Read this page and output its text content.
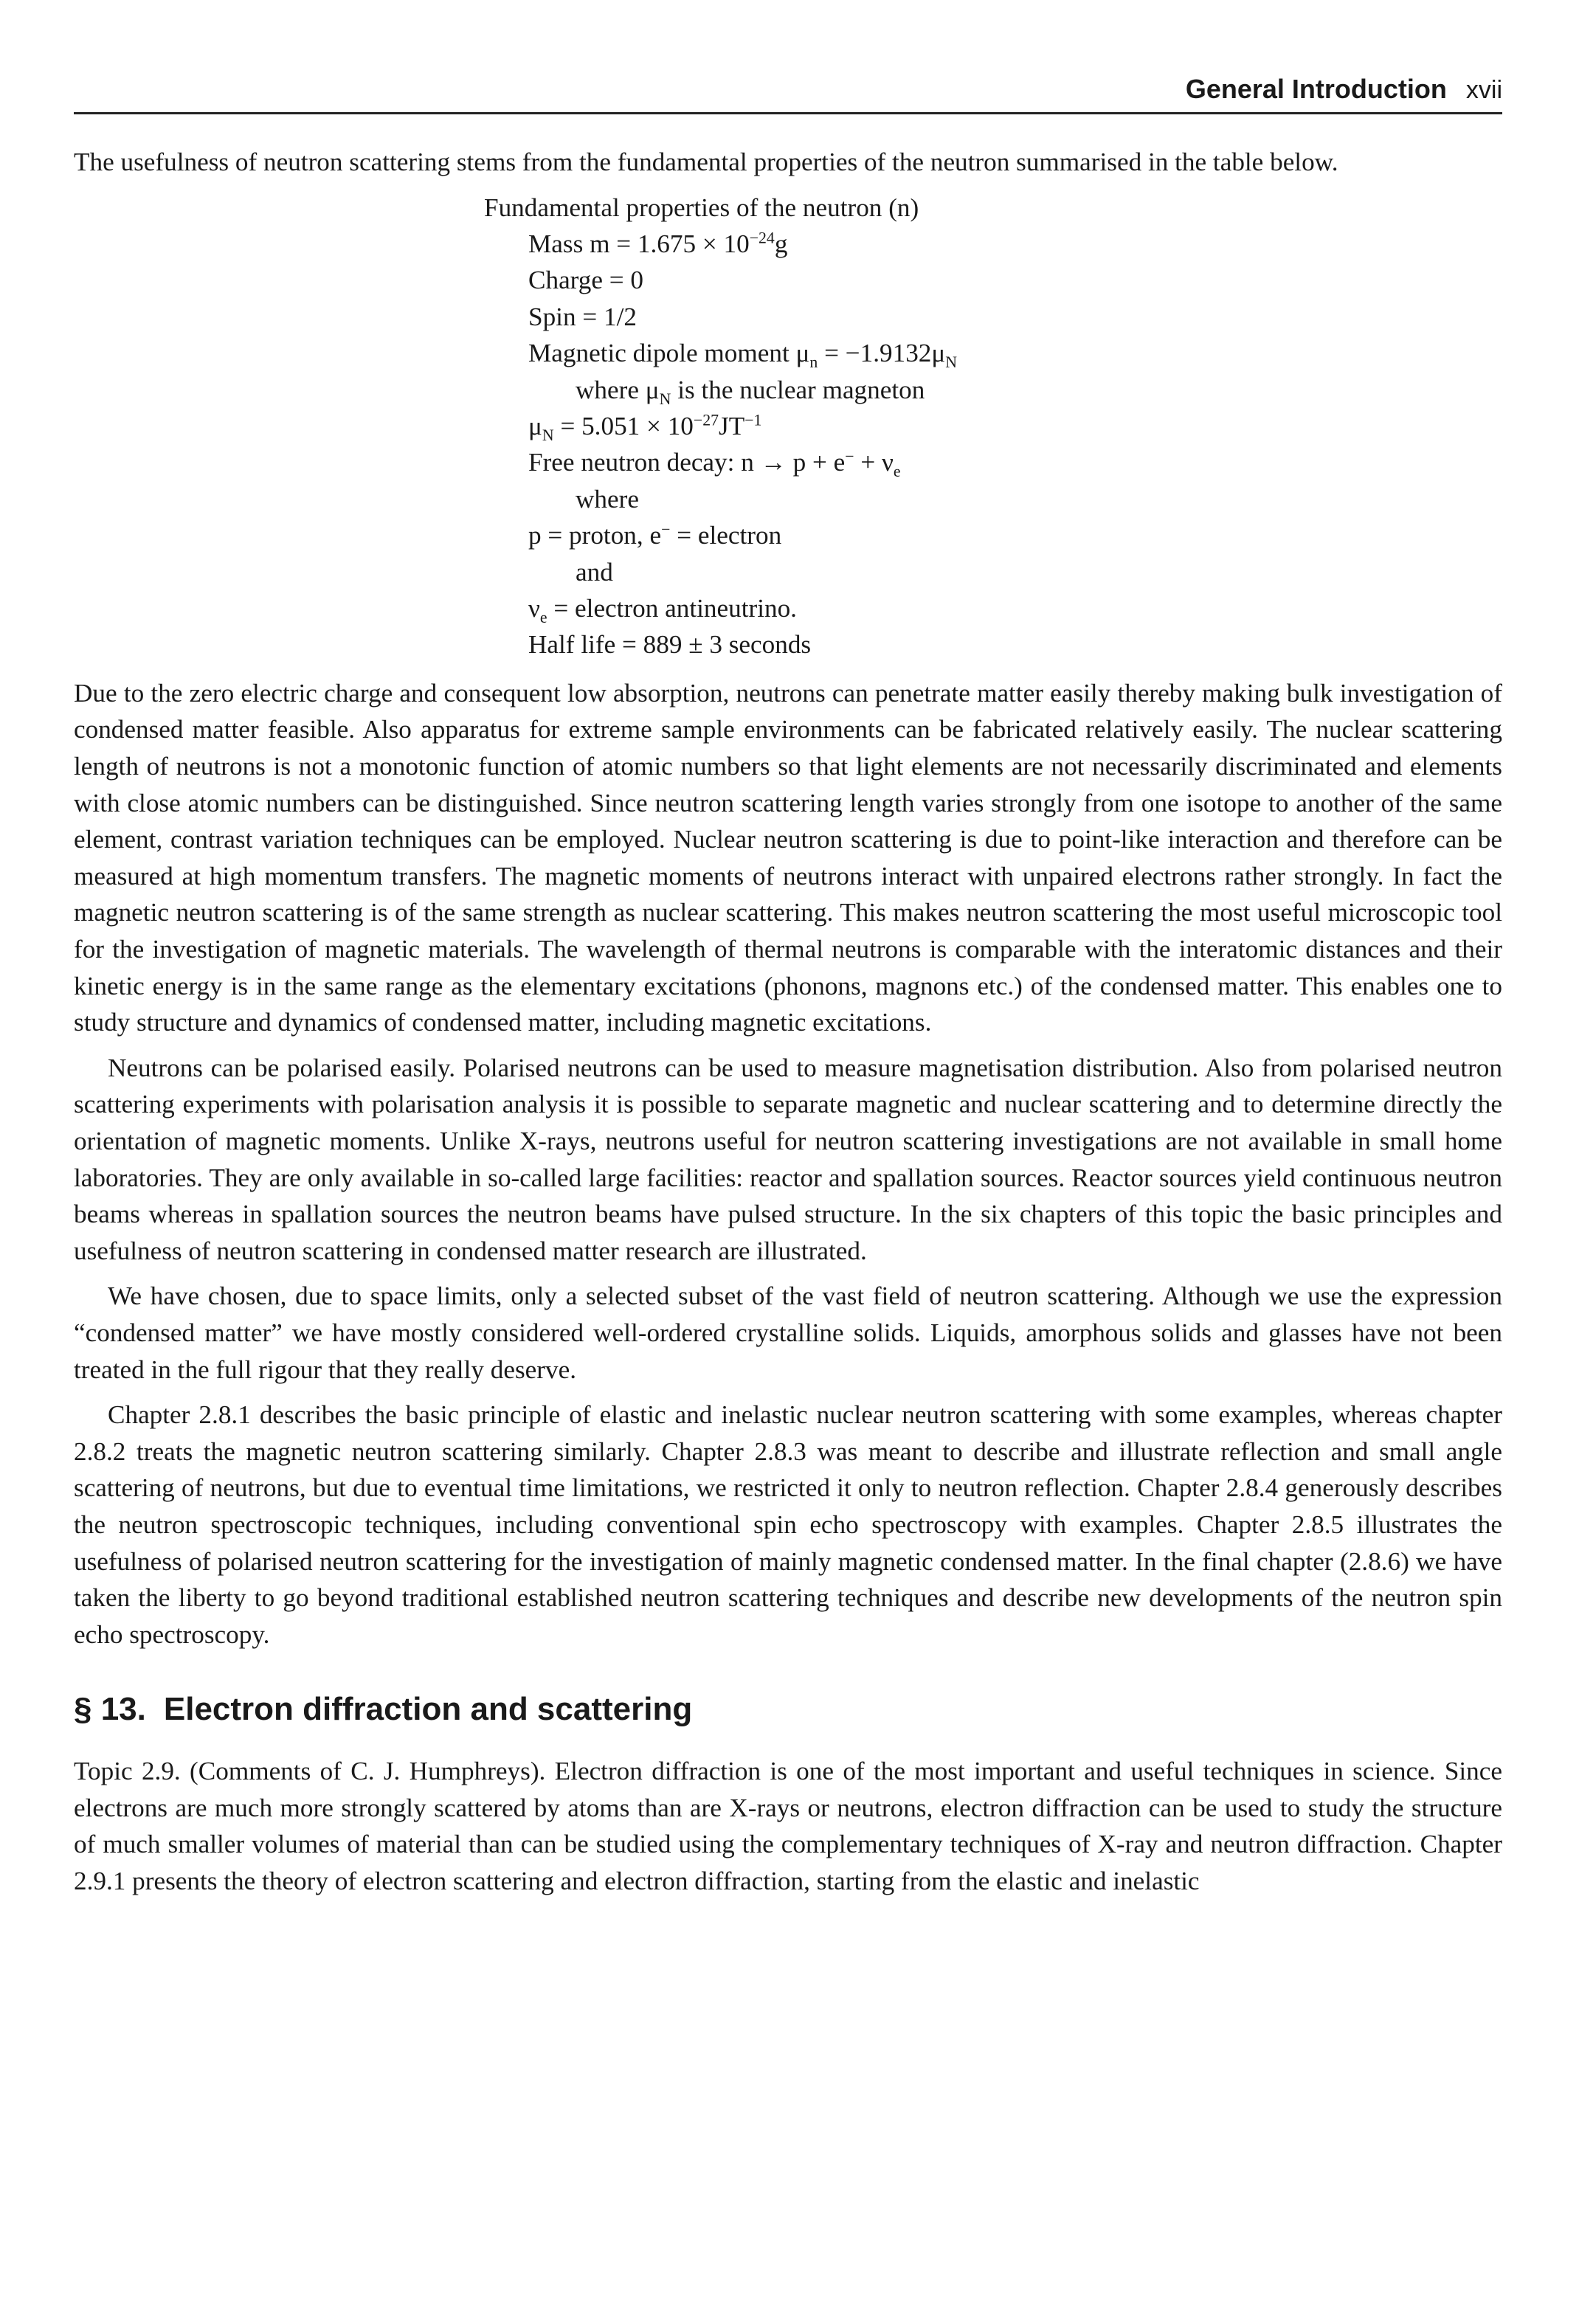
General Introduction xvii

The usefulness of neutron scattering stems from the fundamental properties of the neutron summarised in the table below.

Fundamental properties of the neutron (n)
Mass $m = 1.675 \times 10^{-24}g$
Charge = 0
Spin = 1/2
Magnetic dipole moment $\mu_n = -1.9132\mu_N$
where $\mu_N$ is the nuclear magneton
$\mu_N = 5.051 \times 10^{-27}JT^{-1}$
Free neutron decay: $n \to p + e^- + \nu_e$
where
p = proton, e− = electron
and
$\nu_e$ = electron antineutrino.
Half life = 889 ± 3 seconds

Due to the zero electric charge and consequent low absorption, neutrons can penetrate matter easily thereby making bulk investigation of condensed matter feasible. Also apparatus for extreme sample environments can be fabricated relatively easily. The nuclear scattering length of neutrons is not a monotonic function of atomic numbers so that light elements are not necessarily discriminated and elements with close atomic numbers can be distinguished. Since neutron scattering length varies strongly from one isotope to another of the same element, contrast variation techniques can be employed. Nuclear neutron scattering is due to point-like interaction and therefore can be measured at high momentum transfers. The magnetic moments of neutrons interact with unpaired electrons rather strongly. In fact the magnetic neutron scattering is of the same strength as nuclear scattering. This makes neutron scattering the most useful microscopic tool for the investigation of magnetic materials. The wavelength of thermal neutrons is comparable with the interatomic distances and their kinetic energy is in the same range as the elementary excitations (phonons, magnons etc.) of the condensed matter. This enables one to study structure and dynamics of condensed matter, including magnetic excitations.

Neutrons can be polarised easily. Polarised neutrons can be used to measure magnetisation distribution. Also from polarised neutron scattering experiments with polarisation analysis it is possible to separate magnetic and nuclear scattering and to determine directly the orientation of magnetic moments. Unlike X-rays, neutrons useful for neutron scattering investigations are not available in small home laboratories. They are only available in so-called large facilities: reactor and spallation sources. Reactor sources yield continuous neutron beams whereas in spallation sources the neutron beams have pulsed structure. In the six chapters of this topic the basic principles and usefulness of neutron scattering in condensed matter research are illustrated.

We have chosen, due to space limits, only a selected subset of the vast field of neutron scattering. Although we use the expression “condensed matter” we have mostly considered well-ordered crystalline solids. Liquids, amorphous solids and glasses have not been treated in the full rigour that they really deserve.

Chapter 2.8.1 describes the basic principle of elastic and inelastic nuclear neutron scattering with some examples, whereas chapter 2.8.2 treats the magnetic neutron scattering similarly. Chapter 2.8.3 was meant to describe and illustrate reflection and small angle scattering of neutrons, but due to eventual time limitations, we restricted it only to neutron reflection. Chapter 2.8.4 generously describes the neutron spectroscopic techniques, including conventional spin echo spectroscopy with examples. Chapter 2.8.5 illustrates the usefulness of polarised neutron scattering for the investigation of mainly magnetic condensed matter. In the final chapter (2.8.6) we have taken the liberty to go beyond traditional established neutron scattering techniques and describe new developments of the neutron spin echo spectroscopy.

§ 13. Electron diffraction and scattering

Topic 2.9. (Comments of C. J. Humphreys). Electron diffraction is one of the most important and useful techniques in science. Since electrons are much more strongly scattered by atoms than are X-rays or neutrons, electron diffraction can be used to study the structure of much smaller volumes of material than can be studied using the complementary techniques of X-ray and neutron diffraction. Chapter 2.9.1 presents the theory of electron scattering and electron diffraction, starting from the elastic and inelastic
